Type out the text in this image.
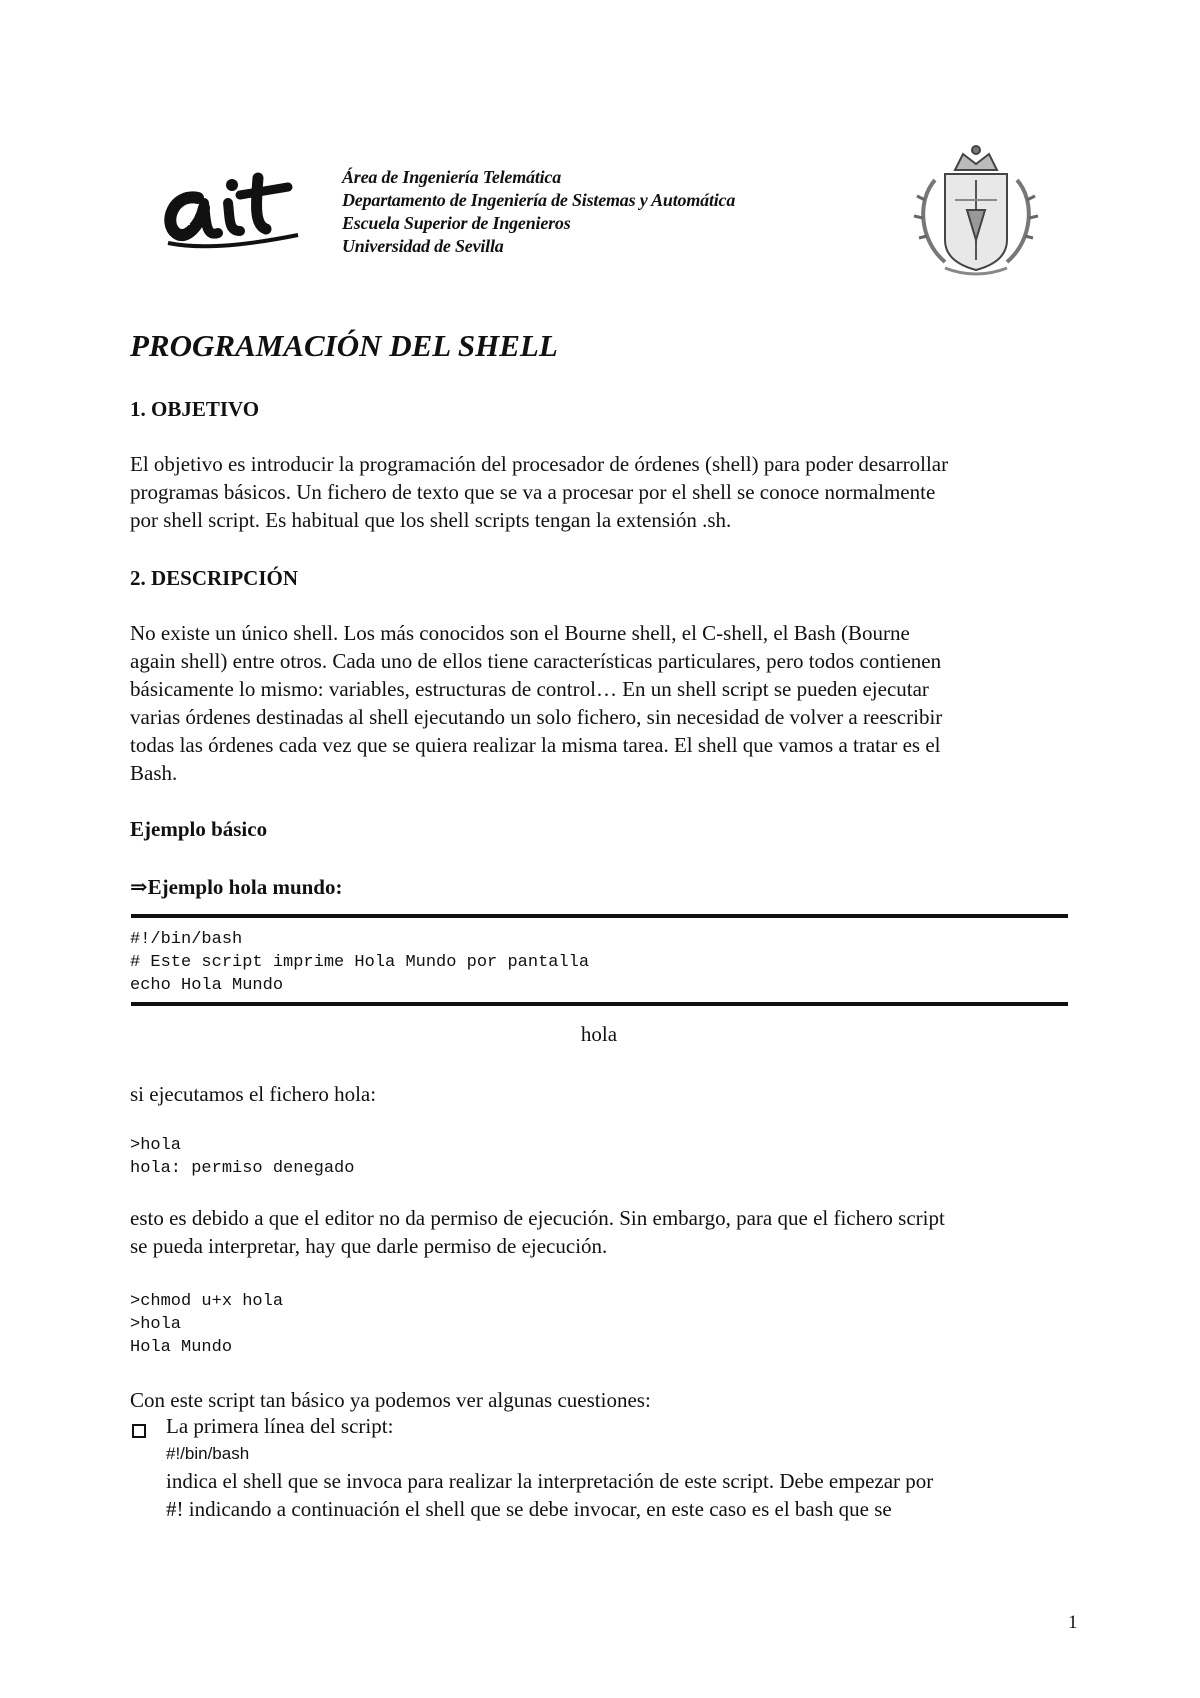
Área de Ingeniería Telemática
Departamento de Ingeniería de Sistemas y Automática
Escuela Superior de Ingenieros
Universidad de Sevilla
PROGRAMACIÓN DEL SHELL
1. OBJETIVO
El objetivo es introducir la programación del procesador de órdenes (shell) para poder desarrollar
programas básicos. Un fichero de texto que se va a procesar por el shell se conoce normalmente
por shell script. Es habitual que los shell scripts tengan la extensión .sh.
2. DESCRIPCIÓN
No existe un único shell. Los más conocidos son el Bourne shell, el C-shell, el Bash (Bourne
again shell) entre otros. Cada uno de ellos tiene características particulares, pero todos contienen
básicamente lo mismo: variables, estructuras de control… En un shell script se pueden ejecutar
varias órdenes destinadas al shell ejecutando un solo fichero, sin necesidad de volver a reescribir
todas las órdenes cada vez que se quiera realizar la misma tarea. El shell que vamos a tratar es el
Bash.
Ejemplo básico
⇒Ejemplo hola mundo:
#!/bin/bash
# Este script imprime Hola Mundo por pantalla
echo Hola Mundo
hola
si ejecutamos el fichero hola:
>hola
hola: permiso denegado
esto es debido a que el editor no da permiso de ejecución. Sin embargo, para que el fichero script
se pueda interpretar, hay que darle permiso de ejecución.
>chmod u+x hola
>hola
Hola Mundo
Con este script tan básico ya podemos ver algunas cuestiones:
La primera línea del script:
#!/bin/bash
indica el shell que se invoca para realizar la interpretación de este script. Debe empezar por
#! indicando a continuación el shell que se debe invocar, en este caso es el bash que se
1
